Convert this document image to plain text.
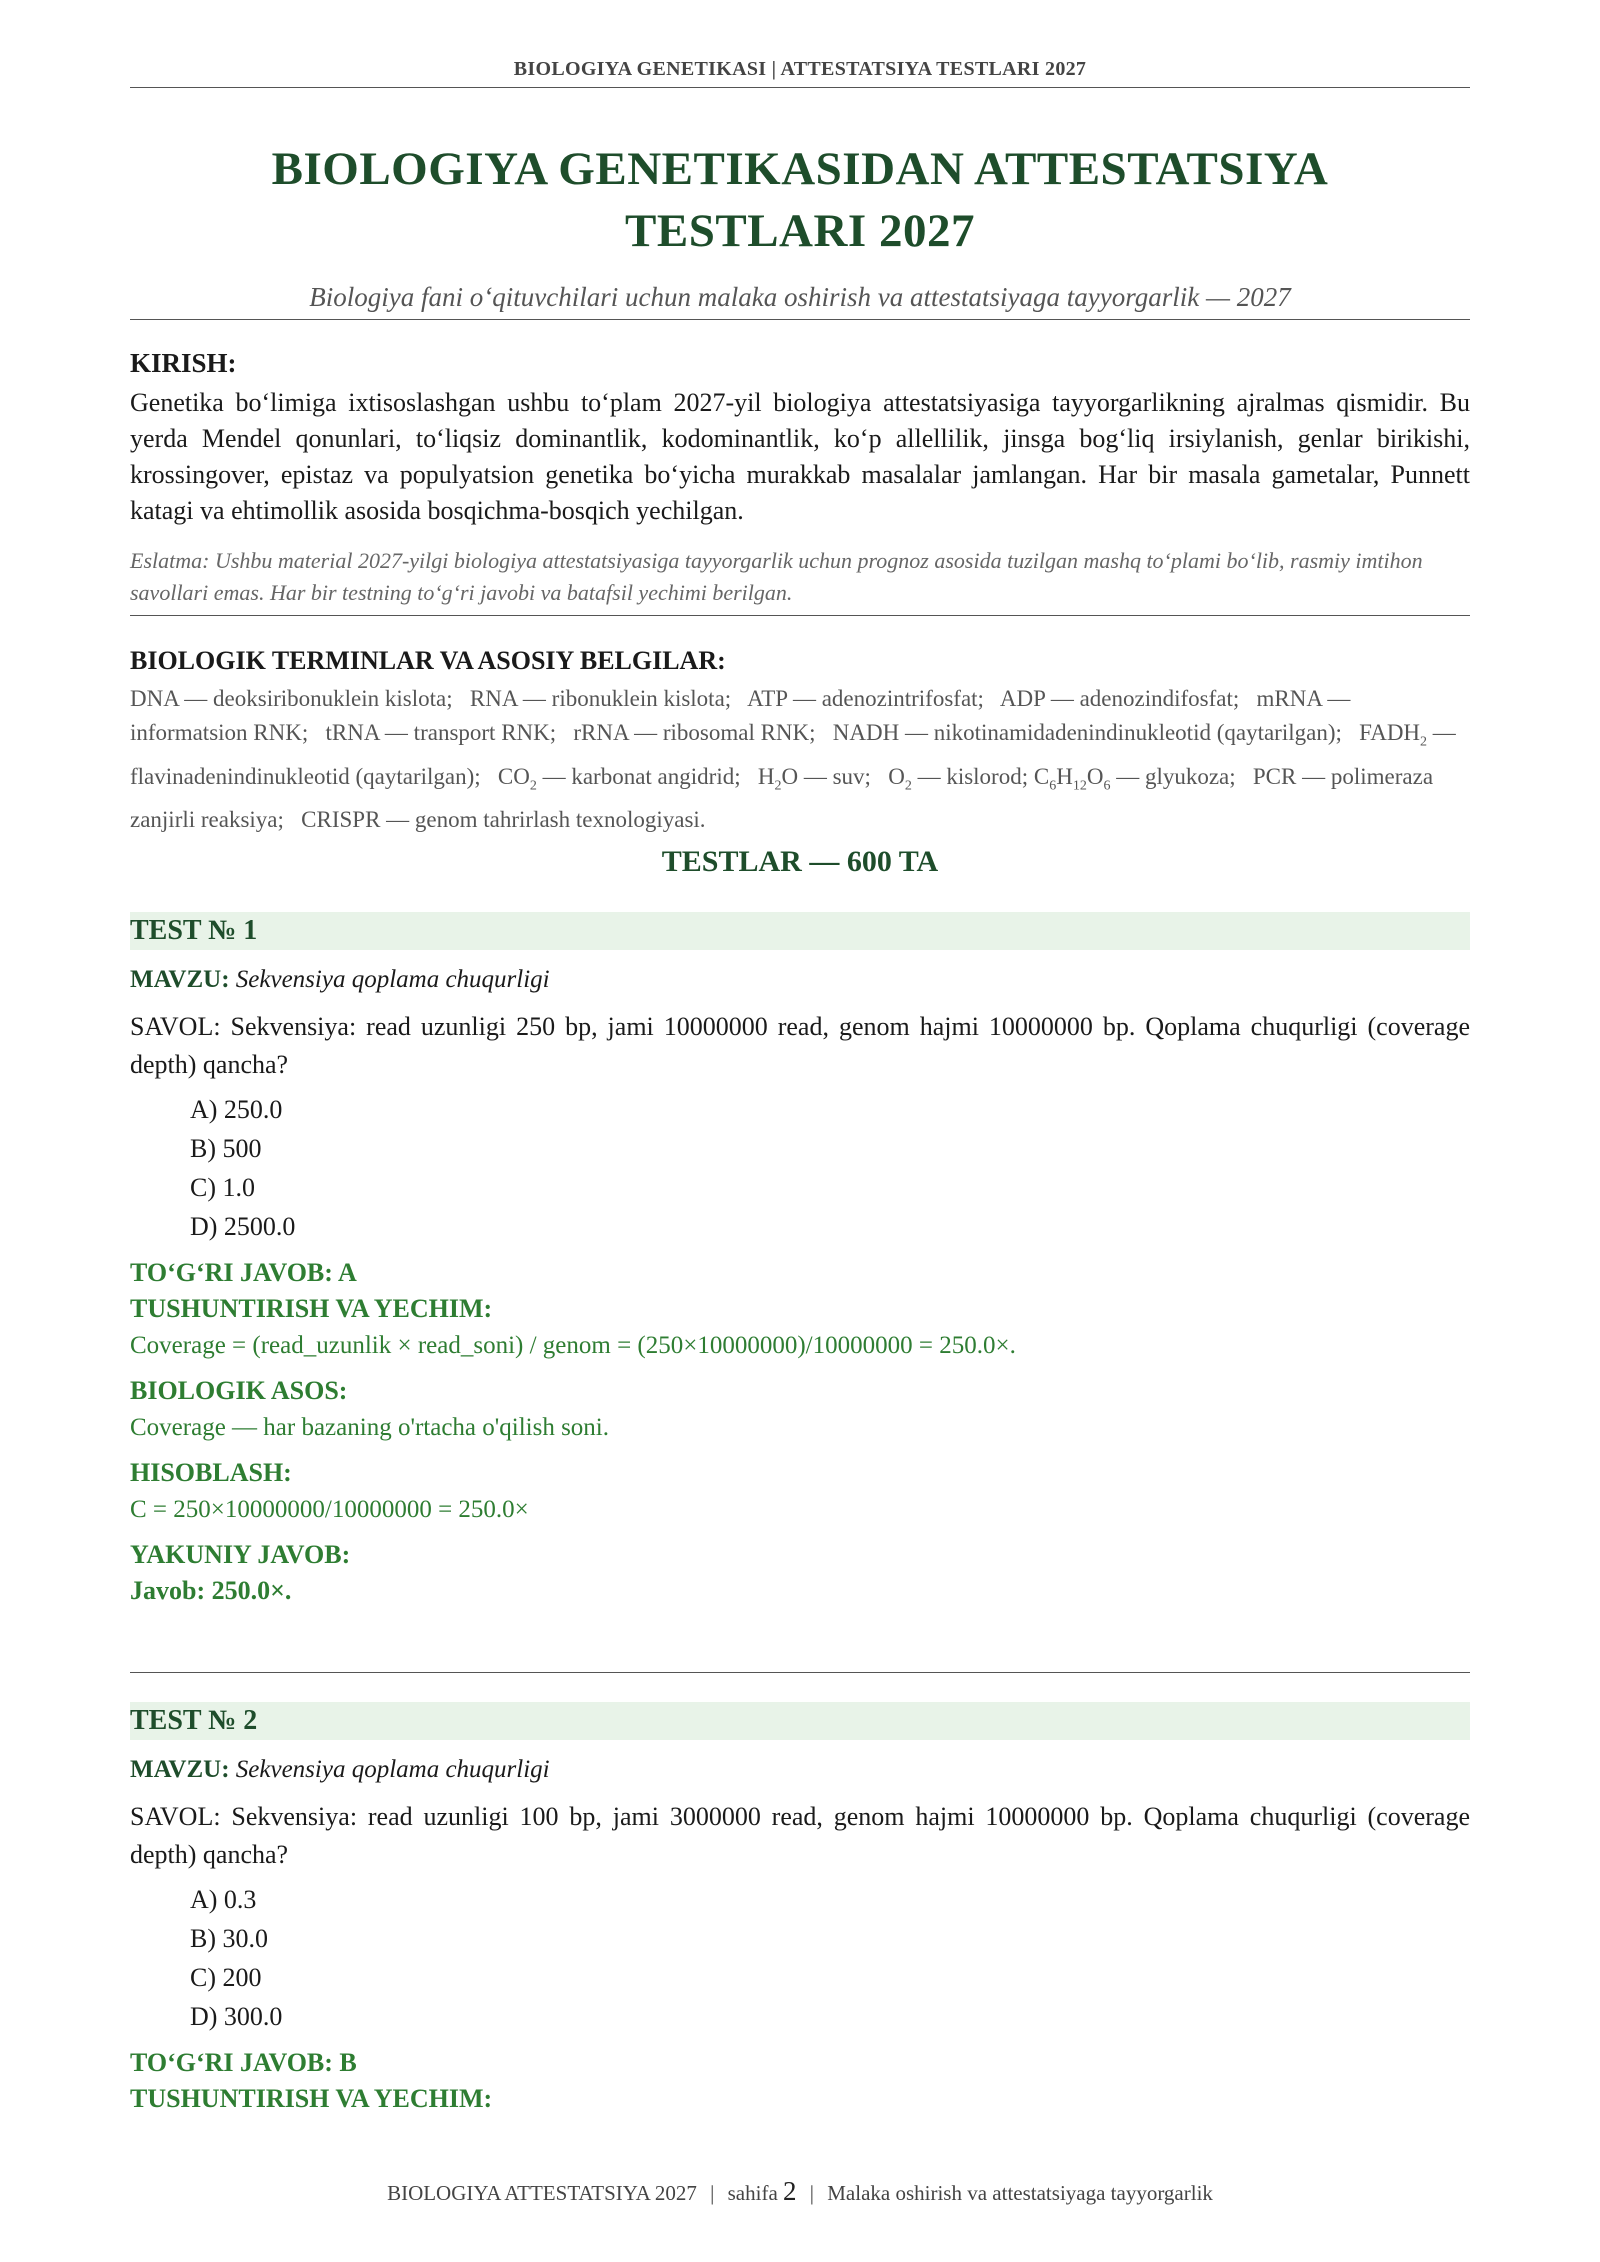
BIOLOGIYA GENETIKASI | ATTESTATSIYA TESTLARI 2027
BIOLOGIYA GENETIKASIDAN ATTESTATSIYA
TESTLARI 2027
Biologiya fani o‘qituvchilari uchun malaka oshirish va attestatsiyaga tayyorgarlik — 2027
KIRISH:
Genetika bo‘limiga ixtisoslashgan ushbu to‘plam 2027-yil biologiya attestatsiyasiga tayyorgarlikning ajralmas qismidir. Bu yerda Mendel qonunlari, to‘liqsiz dominantlik, kodominantlik, ko‘p allellilik, jinsga bog‘liq irsiylanish, genlar birikishi, krossingover, epistaz va populyatsion genetika bo‘yicha murakkab masalalar jamlangan. Har bir masala gametalar, Punnett katagi va ehtimollik asosida bosqichma-bosqich yechilgan.
Eslatma: Ushbu material 2027-yilgi biologiya attestatsiyasiga tayyorgarlik uchun prognoz asosida tuzilgan mashq to‘plami bo‘lib, rasmiy imtihon savollari emas. Har bir testning to‘g‘ri javobi va batafsil yechimi berilgan.
BIOLOGIK TERMINLAR VA ASOSIY BELGILAR:
DNA — deoksiribonuklein kislota; RNA — ribonuklein kislota; ATP — adenozintrifosfat; ADP — adenozindifosfat; mRNA — informatsion RNK; tRNA — transport RNK; rRNA — ribosomal RNK; NADH — nikotinamidadenindinukleotid (qaytarilgan); $FADH_2$ — flavinadenindinukleotid (qaytarilgan); $CO_2$ — karbonat angidrid; $H_2O$ — suv; $O_2$ — kislorod; $C_6H_{12}O_6$ — glyukoza; PCR — polimeraza zanjirli reaksiya; CRISPR — genom tahrirlash texnologiyasi.
TESTLAR — 600 TA
TEST № 1
MAVZU: Sekvensiya qoplama chuqurligi
SAVOL: Sekvensiya: read uzunligi 250 bp, jami 10000000 read, genom hajmi 10000000 bp. Qoplama chuqurligi (coverage depth) qancha?
A) 250.0
B) 500
C) 1.0
D) 2500.0
TO‘G‘RI JAVOB: A
TUSHUNTIRISH VA YECHIM:
Coverage = (read_uzunlik × read_soni) / genom = (250×10000000)/10000000 = 250.0×.
BIOLOGIK ASOS:
Coverage — har bazaning o'rtacha o'qilish soni.
HISOBLASH:
C = 250×10000000/10000000 = 250.0×
YAKUNIY JAVOB:
Javob: 250.0×.
TEST № 2
MAVZU: Sekvensiya qoplama chuqurligi
SAVOL: Sekvensiya: read uzunligi 100 bp, jami 3000000 read, genom hajmi 10000000 bp. Qoplama chuqurligi (coverage depth) qancha?
A) 0.3
B) 30.0
C) 200
D) 300.0
TO‘G‘RI JAVOB: B
TUSHUNTIRISH VA YECHIM:
BIOLOGIYA ATTESTATSIYA 2027 | sahifa 2 | Malaka oshirish va attestatsiyaga tayyorgarlik
